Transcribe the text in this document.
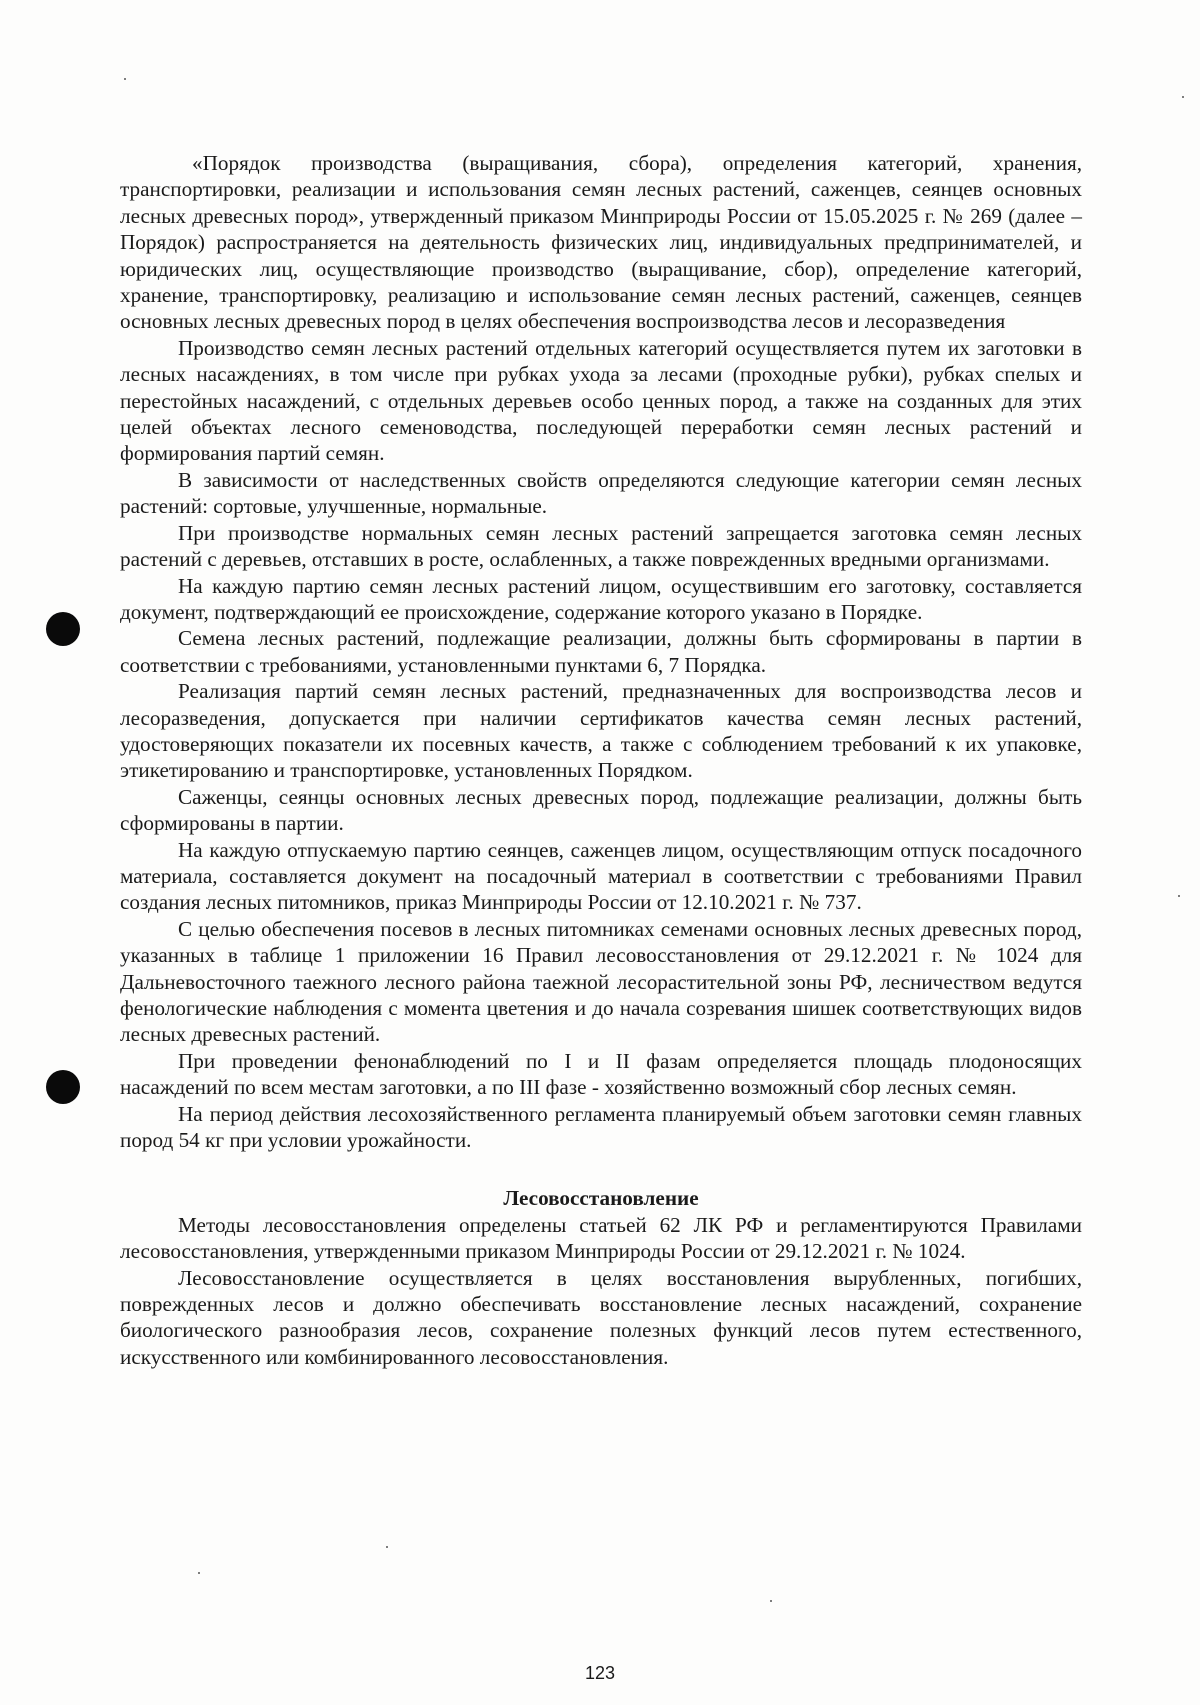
«Порядок производства (выращивания, сбора), определения категорий, хранения, транспортировки, реализации и использования семян лесных растений, саженцев, сеянцев основных лесных древесных пород», утвержденный приказом Минприроды России от 15.05.2025 г. № 269 (далее – Порядок) распространяется на деятельность физических лиц, индивидуальных предпринимателей, и юридических лиц, осуществляющие производство (выращивание, сбор), определение категорий, хранение, транспортировку, реализацию и использование семян лесных растений, саженцев, сеянцев основных лесных древесных пород в целях обеспечения воспроизводства лесов и лесоразведения

Производство семян лесных растений отдельных категорий осуществляется путем их заготовки в лесных насаждениях, в том числе при рубках ухода за лесами (проходные рубки), рубках спелых и перестойных насаждений, с отдельных деревьев особо ценных пород, а также на созданных для этих целей объектах лесного семеноводства, последующей переработки семян лесных растений и формирования партий семян.

В зависимости от наследственных свойств определяются следующие категории семян лесных растений: сортовые, улучшенные, нормальные.

При производстве нормальных семян лесных растений запрещается заготовка семян лесных растений с деревьев, отставших в росте, ослабленных, а также поврежденных вредными организмами.

На каждую партию семян лесных растений лицом, осуществившим его заготовку, составляется документ, подтверждающий ее происхождение, содержание которого указано в Порядке.

Семена лесных растений, подлежащие реализации, должны быть сформированы в партии в соответствии с требованиями, установленными пунктами 6, 7 Порядка.

Реализация партий семян лесных растений, предназначенных для воспроизводства лесов и лесоразведения, допускается при наличии сертификатов качества семян лесных растений, удостоверяющих показатели их посевных качеств, а также с соблюдением требований к их упаковке, этикетированию и транспортировке, установленных Порядком.

Саженцы, сеянцы основных лесных древесных пород, подлежащие реализации, должны быть сформированы в партии.

На каждую отпускаемую партию сеянцев, саженцев лицом, осуществляющим отпуск посадочного материала, составляется документ на посадочный материал в соответствии с требованиями Правил создания лесных питомников, приказ Минприроды России от 12.10.2021 г. № 737.

С целью обеспечения посевов в лесных питомниках семенами основных лесных древесных пород, указанных в таблице 1 приложении 16 Правил лесовосстановления от 29.12.2021 г. № 1024 для Дальневосточного таежного лесного района таежной лесорастительной зоны РФ, лесничеством ведутся фенологические наблюдения с момента цветения и до начала созревания шишек соответствующих видов лесных древесных растений.

При проведении фенонаблюдений по I и II фазам определяется площадь плодоносящих насаждений по всем местам заготовки, а по III фазе - хозяйственно возможный сбор лесных семян.

На период действия лесохозяйственного регламента планируемый объем заготовки семян главных пород 54 кг при условии урожайности.

Лесовосстановление

Методы лесовосстановления определены статьей 62 ЛК РФ и регламентируются Правилами лесовосстановления, утвержденными приказом Минприроды России от 29.12.2021 г. № 1024.

Лесовосстановление осуществляется в целях восстановления вырубленных, погибших, поврежденных лесов и должно обеспечивать восстановление лесных насаждений, сохранение биологического разнообразия лесов, сохранение полезных функций лесов путем естественного, искусственного или комбинированного лесовосстановления.

123
